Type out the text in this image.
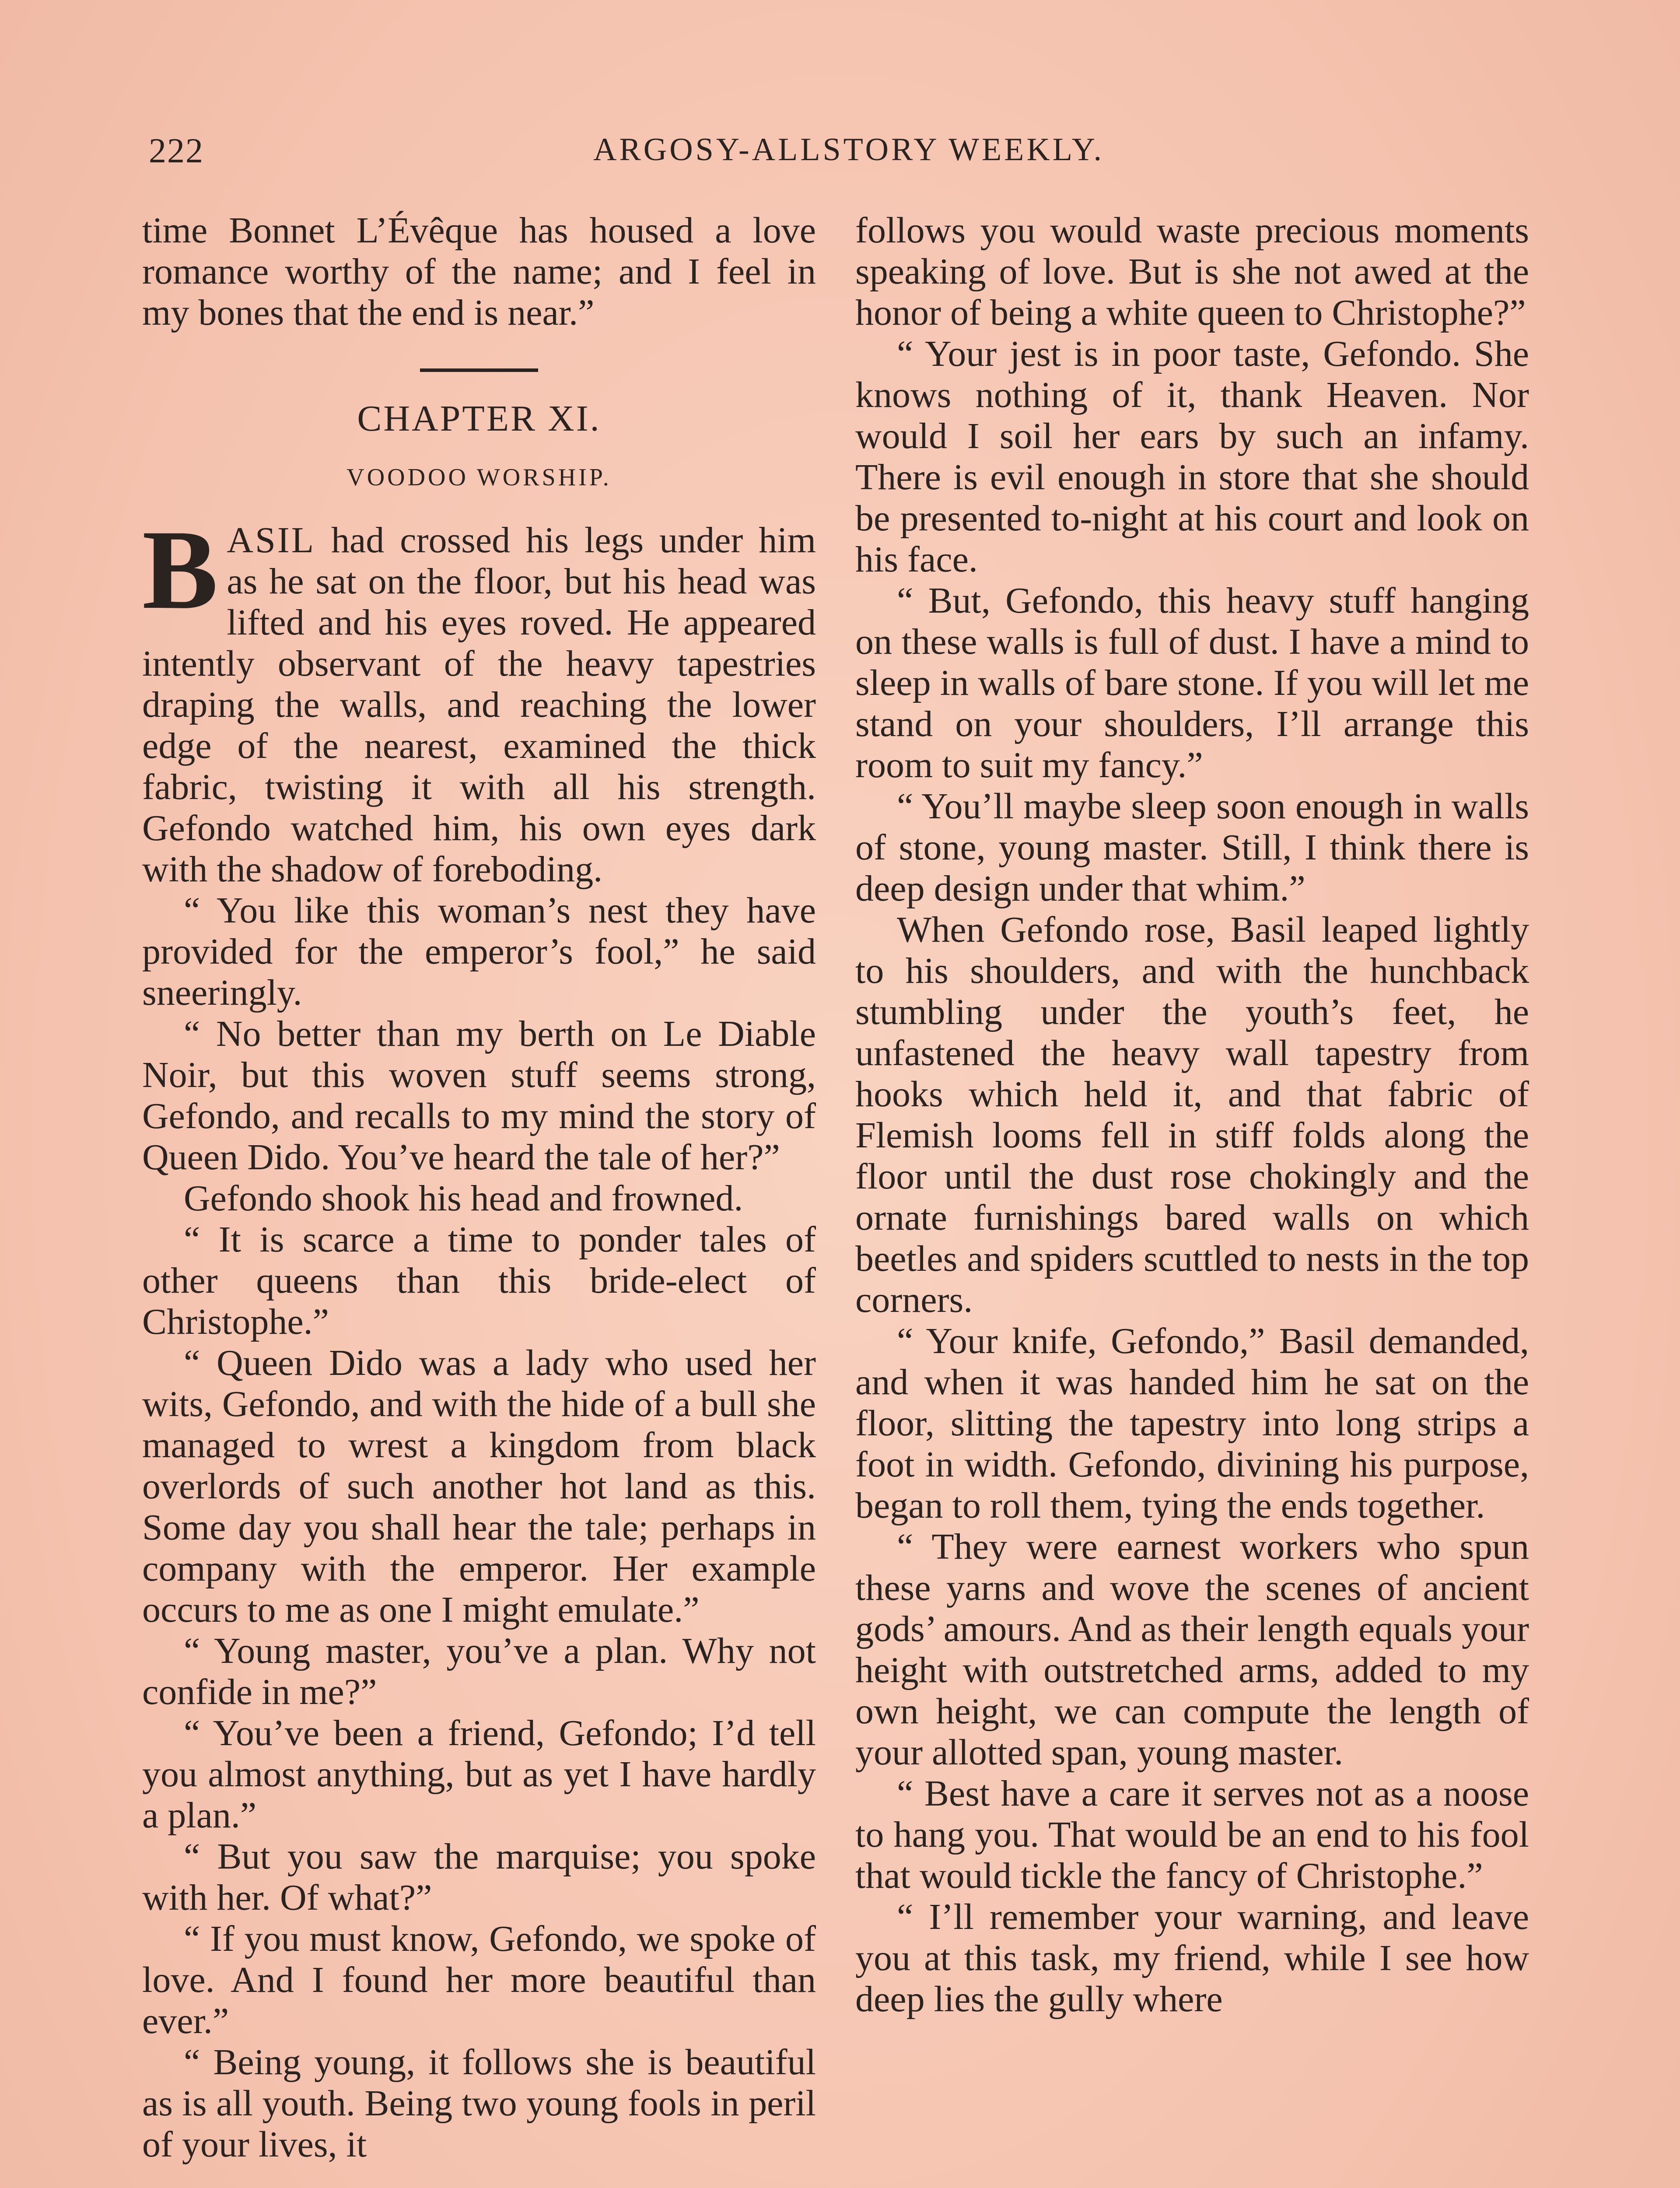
222	ARGOSY-ALLSTORY WEEKLY.

time Bonnet L’Évêque has housed a love romance worthy of the name; and I feel in my bones that the end is near.”

CHAPTER XI.
VOODOO WORSHIP.

BASIL had crossed his legs under him as he sat on the floor, but his head was lifted and his eyes roved. He appeared intently observant of the heavy tapestries draping the walls, and reaching the lower edge of the nearest, examined the thick fabric, twisting it with all his strength. Gefondo watched him, his own eyes dark with the shadow of foreboding.

“ You like this woman’s nest they have provided for the emperor’s fool,” he said sneeringly.

“ No better than my berth on Le Diable Noir, but this woven stuff seems strong, Gefondo, and recalls to my mind the story of Queen Dido. You’ve heard the tale of her?”

Gefondo shook his head and frowned.

“ It is scarce a time to ponder tales of other queens than this bride-elect of Christophe.”

“ Queen Dido was a lady who used her wits, Gefondo, and with the hide of a bull she managed to wrest a kingdom from black overlords of such another hot land as this. Some day you shall hear the tale; perhaps in company with the emperor. Her example occurs to me as one I might emulate.”

“ Young master, you’ve a plan. Why not confide in me?”

“ You’ve been a friend, Gefondo; I’d tell you almost anything, but as yet I have hardly a plan.”

“ But you saw the marquise; you spoke with her. Of what?”

“ If you must know, Gefondo, we spoke of love. And I found her more beautiful than ever.”

“ Being young, it follows she is beautiful as is all youth. Being two young fools in peril of your lives, it

follows you would waste precious moments speaking of love. But is she not awed at the honor of being a white queen to Christophe?”

“ Your jest is in poor taste, Gefondo. She knows nothing of it, thank Heaven. Nor would I soil her ears by such an infamy. There is evil enough in store that she should be presented to-night at his court and look on his face.

“ But, Gefondo, this heavy stuff hanging on these walls is full of dust. I have a mind to sleep in walls of bare stone. If you will let me stand on your shoulders, I’ll arrange this room to suit my fancy.”

“ You’ll maybe sleep soon enough in walls of stone, young master. Still, I think there is deep design under that whim.”

When Gefondo rose, Basil leaped lightly to his shoulders, and with the hunchback stumbling under the youth’s feet, he unfastened the heavy wall tapestry from hooks which held it, and that fabric of Flemish looms fell in stiff folds along the floor until the dust rose chokingly and the ornate furnishings bared walls on which beetles and spiders scuttled to nests in the top corners.

“ Your knife, Gefondo,” Basil demanded, and when it was handed him he sat on the floor, slitting the tapestry into long strips a foot in width. Gefondo, divining his purpose, began to roll them, tying the ends together.

“ They were earnest workers who spun these yarns and wove the scenes of ancient gods’ amours. And as their length equals your height with outstretched arms, added to my own height, we can compute the length of your allotted span, young master.

“ Best have a care it serves not as a noose to hang you. That would be an end to his fool that would tickle the fancy of Christophe.”

“ I’ll remember your warning, and leave you at this task, my friend, while I see how deep lies the gully where
